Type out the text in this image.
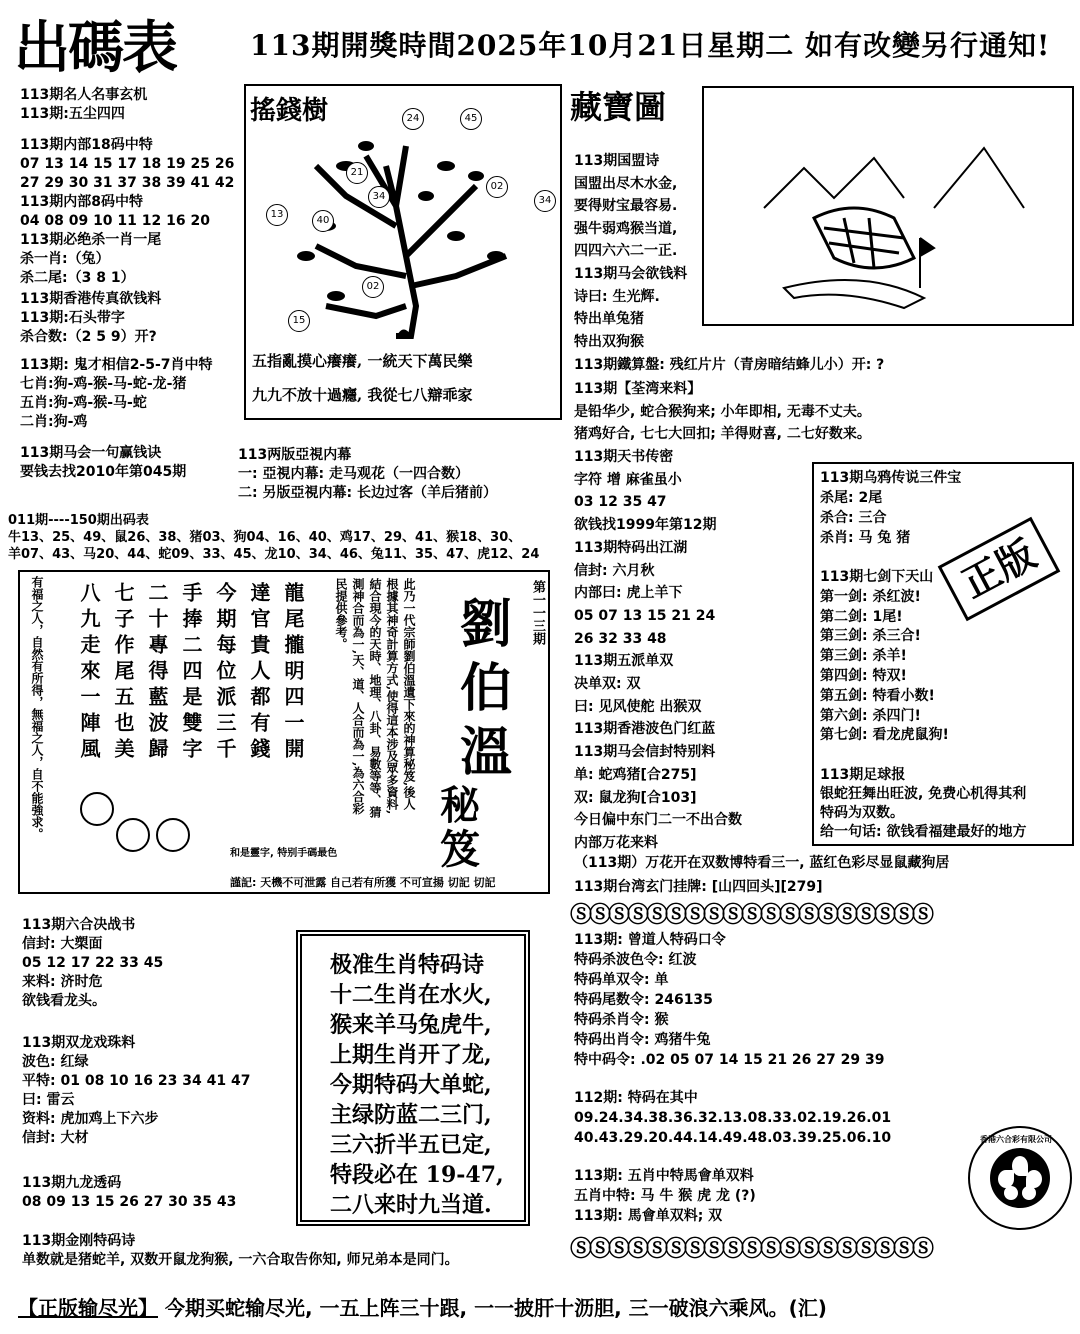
出碼表	113期開獎時間2025年10月21日星期二 如有改變另行通知!
113期名人名事玄机
113期:五尘四四
113期内部18码中特
07 13 14 15 17 18 19 25 26
27 29 30 31 37 38 39 41 42
113期内部8码中特
04 08 09 10 11 12 16 20
113期必绝杀一肖一尾
杀一肖:（兔）
杀二尾:（3 8 1）
113期香港传真欲钱料
113期:石头带字
杀合数:（2 5 9）开?
113期: 鬼才相信2-5-7肖中特
七肖:狗-鸡-猴-马-蛇-龙-猪
五肖:狗-鸡-猴-马-蛇
二肖:狗-鸡
113期马会一句赢钱诀
要钱去找2010年第045期
搖錢樹	24	45
21
34
02
34
13
40
02
15
五指亂摸心癢癢, 一統天下萬民樂
九九不放十過癮, 我從七八辯乖家
113两版亞視内幕
一: 亞視内幕: 走马观花（一四合数）
二: 另版亞視内幕: 长边过客（羊后猪前）
011期----150期出码表
牛13、25、49、鼠26、38、猪03、狗04、16、40、鸡17、29、41、猴18、30、
羊07、43、马20、44、蛇09、33、45、龙10、34、46、兔11、35、47、虎12、24
有福之人，自然有所得，無福之人，自不能強求。	龍尾攏明四一開
達官貴人都有錢
今期每位派三千
手捧二四是雙字
二十專得藍波歸
七子作尾五也美
八九走來一陣風	此乃一代宗師劉伯溫遺下來的神算秘笈,後人根據其神奇計算方式,使得這本涉及眾多資料,結合現今的天時、地理、八卦、易數等等、猜測神合而為一,天、道、人合而為一,為六合彩民提供參考。	劉
伯
溫
第一一三期
秘笈
和是靈字, 特别手碼最色
謹記: 天機不可泄露 自己若有所獲 不可宣揚 切記 切記
113期六合决战书
信封: 大槊面
05 12 17 22 33 45
来料: 济时危
欲钱看龙头。
113期双龙戏珠料
波色: 红绿
平特: 01 08 10 16 23 34 41 47
曰: 雷云
资料: 虎加鸡上下六步
信封: 大材
113期九龙透码
08 09 13 15 26 27 30 35 43
113期金刚特码诗
单数就是猪蛇羊, 双数开鼠龙狗猴, 一六合取告你知, 师兄弟本是同门。
极准生肖特码诗
十二生肖在水火,
猴来羊马兔虎牛,
上期生肖开了龙,
今期特码大单蛇,
主绿防蓝二三门,
三六折半五已定,
特段必在 19-47,
二八来时九当道.
藏寶圖
113期国盟诗
国盟出尽木水金,
要得财宝最容易.
强牛弱鸡猴当道,
四四六六二一正.
113期马会欲钱料
诗曰: 生光辉.
特出单兔猪
特出双狗猴
113期鐵算盤: 残红片片（青房暗结蜂儿小）开: ?
113期【荃湾来料】
是铅华少, 蛇合猴狗来; 小年即相, 无毒不丈夫。
猪鸡好合, 七七大回扣; 羊得财喜, 二七好数来。
113期天书传密
字符 增 麻雀虽小
03 12 35 47
欲钱找1999年第12期
113期特码出江湖
信封: 六月秋
内部曰: 虎上羊下
05 07 13 15 21 24
26 32 33 48
113期五派单双
决单双: 双
曰: 见风使舵 出猴双
113期香港波色门红蓝
113期马会信封特别料
单: 蛇鸡猪[合275]
双: 鼠龙狗[合103]
今日偏中东门二一不出合数
内部万花来料
（113期）万花开在双数博特看三一, 蓝红色彩尽显鼠藏狗居
113期台湾玄门挂牌: [山四回头][279]
113期乌鸦传说三件宝
杀尾: 2尾
杀合: 三合
杀肖: 马 兔 猪
113期七剑下天山
第一剑: 杀红波!
第二剑: 1尾!
第三剑: 杀三合!
第三剑: 杀羊!
第四剑: 特双!
第五剑: 特看小数!
第六剑: 杀四门!
第七剑: 看龙虎鼠狗!
113期足球报
银蛇狂舞出旺波, 免费心机得其利
特码为双数。
给一句话: 欲钱看福建最好的地方
正版
ⓈⓈⓈⓈⓈⓈⓈⓈⓈⓈⓈⓈⓈⓈⓈⓈⓈⓈⓈ
ⓈⓈⓈⓈⓈⓈⓈⓈⓈⓈⓈⓈⓈⓈⓈⓈⓈⓈⓈ
113期: 曾道人特码口令
特码杀波色令: 红波
特码单双令: 单
特码尾数令: 246135
特码杀肖令: 猴
特码出肖令: 鸡猪牛兔
特中码令: .02 05 07 14 15 21 26 27 29 39
112期: 特码在其中
09.24.34.38.36.32.13.08.33.02.19.26.01
40.43.29.20.44.14.49.48.03.39.25.06.10
113期: 五肖中特馬會单双料
五肖中特: 马 牛 猴 虎 龙 (?)
113期: 馬會单双料; 双
香港六合彩有限公司
【正版输尽光】 今期买蛇输尽光, 一五上阵三十跟, 一一披肝十沥胆, 三一破浪六乘风。(汇)
